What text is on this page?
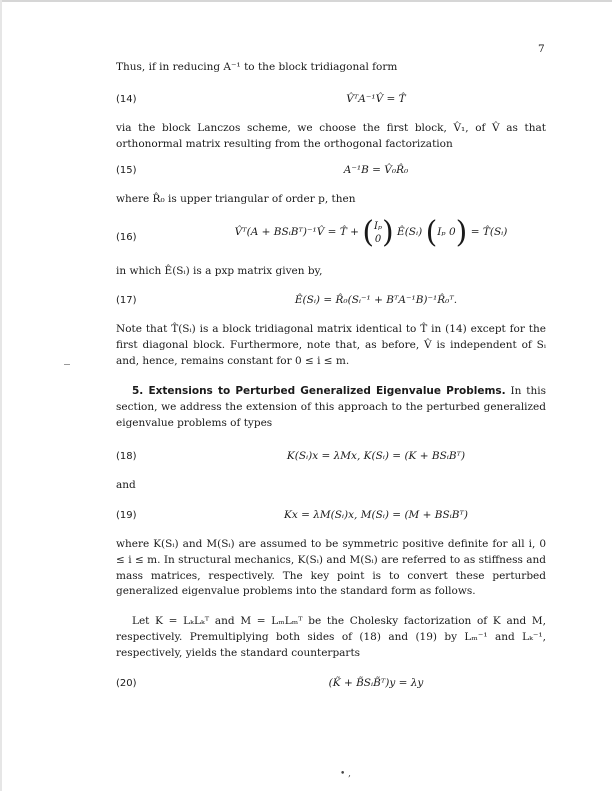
7

Thus, if in reducing A⁻¹ to the block tridiagonal form

(14)	V̂ᵀA⁻¹V̂ = T̂

via the block Lanczos scheme, we choose the first block, V̂₁, of V̂ as that orthonormal matrix resulting from the orthogonal factorization

(15)	A⁻¹B = V̂₀R̂₀

where R̂₀ is upper triangular of order p, then

(16)	V̂ᵀ(A + BSᵢBᵀ)⁻¹V̂ = T̂ + (Iₚ
0) Ê(Sᵢ) (Iₚ 0) = T̂(Sᵢ)

in which Ê(Sᵢ) is a pxp matrix given by,

(17)	Ê(Sᵢ) = R̂₀(Sᵢ⁻¹ + BᵀA⁻¹B)⁻¹R̂₀ᵀ.

Note that T̂(Sᵢ) is a block tridiagonal matrix identical to T̂ in (14) except for the first diagonal block. Furthermore, note that, as before, V̂ is independent of Sᵢ and, hence, remains constant for 0 ≤ i ≤ m.

5. Extensions to Perturbed Generalized Eigenvalue Problems. In this section, we address the extension of this approach to the perturbed generalized eigenvalue problems of types

(18)	K(Sᵢ)x = λMx, K(Sᵢ) = (K + BSᵢBᵀ)

and

(19)	Kx = λM(Sᵢ)x, M(Sᵢ) = (M + BSᵢBᵀ)

where K(Sᵢ) and M(Sᵢ) are assumed to be symmetric positive definite for all i, 0 ≤ i ≤ m. In structural mechanics, K(Sᵢ) and M(Sᵢ) are referred to as stiffness and mass matrices, respectively. The key point is to convert these perturbed generalized eigenvalue problems into the standard form as follows.

Let K = LₖLₖᵀ and M = LₘLₘᵀ be the Cholesky factorization of K and M, respectively. Premultiplying both sides of (18) and (19) by Lₘ⁻¹ and Lₖ⁻¹, respectively, yields the standard counterparts

(20)	(K̃ + B̃SᵢB̃ᵀ)y = λy
• ,
